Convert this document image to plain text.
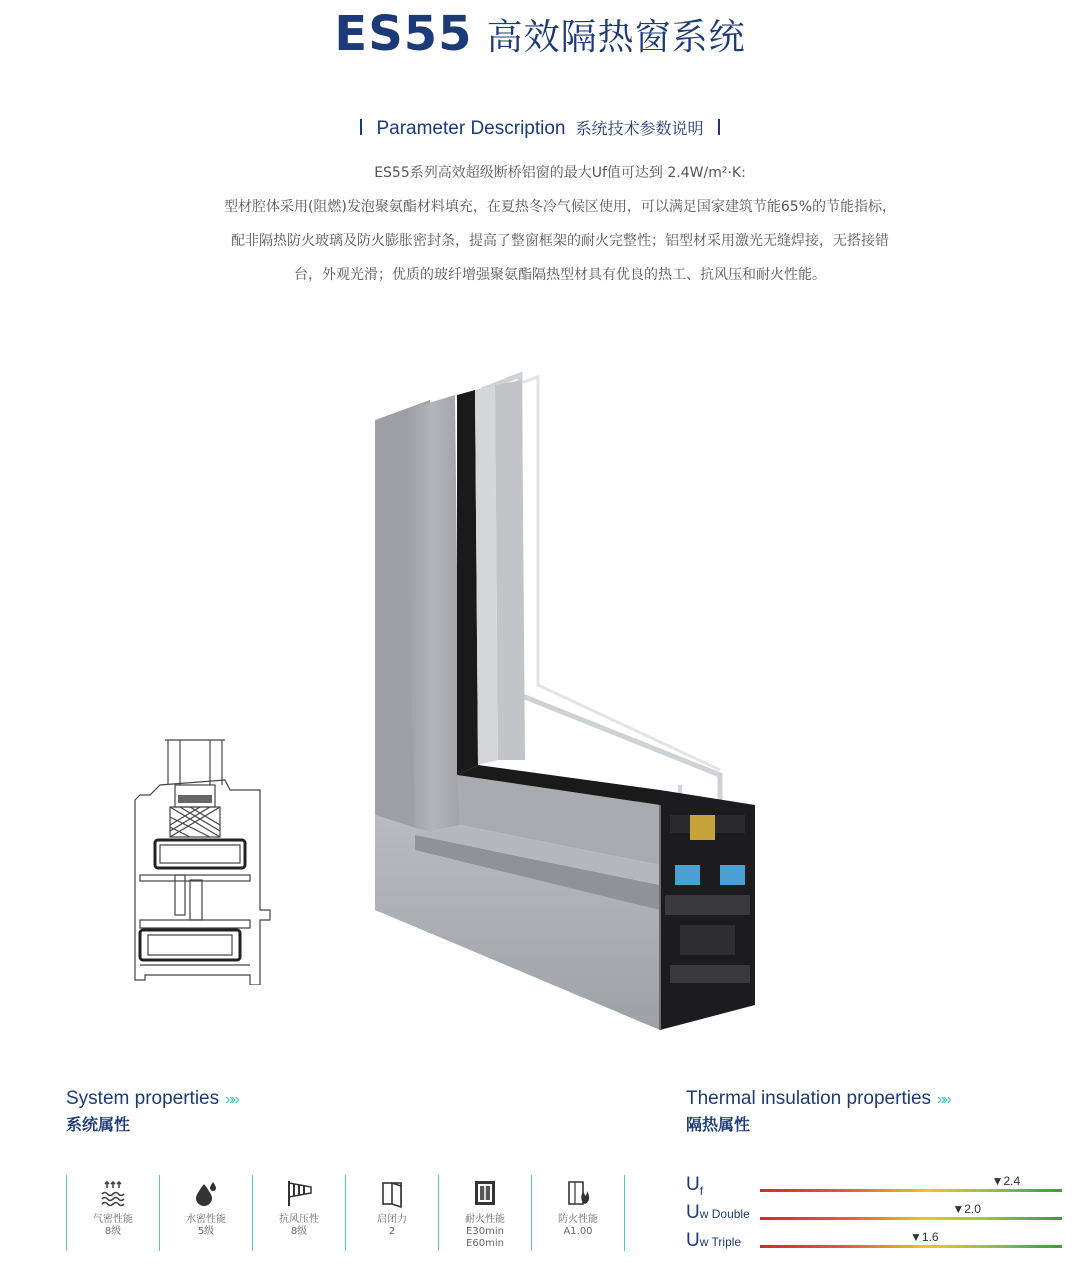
ES55 高效隔热窗系统
Parameter Description 系统技术参数说明

ES55系列高效超级断桥铝窗的最大Uf值可达到 2.4W/m²·K:

型材腔体采用(阻燃)发泡聚氨酯材料填充，在夏热冬冷气候区使用，可以满足国家建筑节能65%的节能指标，

配非隔热防火玻璃及防火膨胀密封条，提高了整窗框架的耐火完整性；铝型材采用激光无缝焊接，无搭接错

台，外观光滑；优质的玻纤增强聚氨酯隔热型材具有优良的热工、抗风压和耐火性能。

System properties »»
系统属性
气密性能
8级
水密性能
5级
抗风压性
8级
启闭力
2
耐火性能
E30min
E60min
防火性能
A1.00
Thermal insulation properties »»
隔热属性
$U_f$
▼2.4
Uw Double	▼2.0
Uw Triple	▼1.6
